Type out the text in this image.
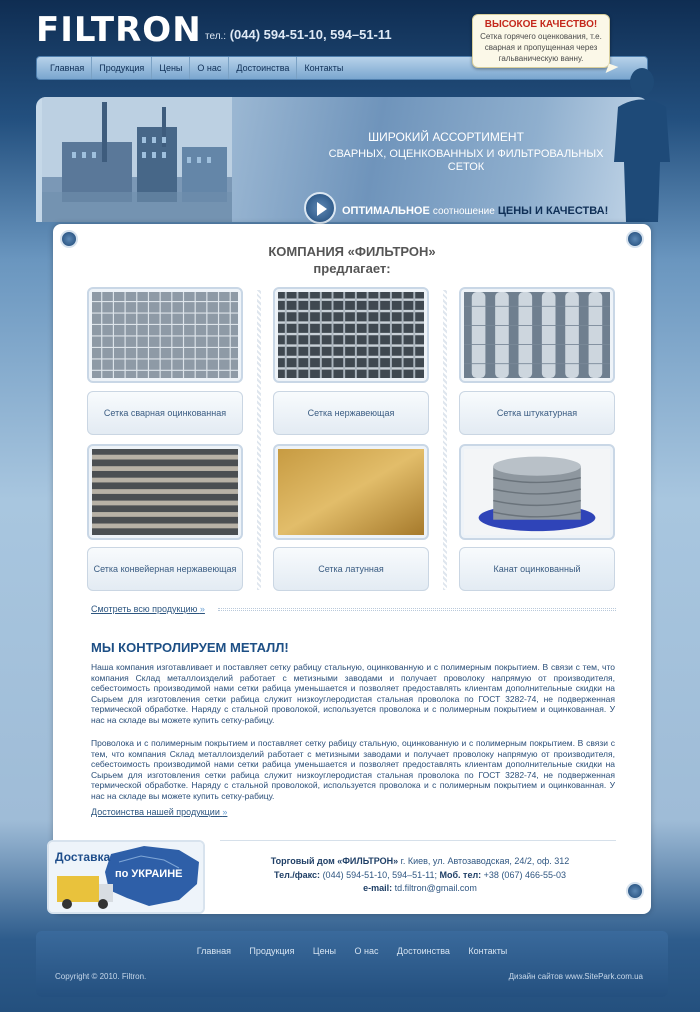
FILTRON тел.: (044) 594-51-10, 594–51-11
Главная	Продукция	Цены	О нас	Достоинства	Контакты
ВЫСОКОЕ КАЧЕСТВО!
Сетка горячего оценкования, т.е. сварная и пропущенная через гальваническую ванну.
ШИРОКИЙ АССОРТИМЕНТ
СВАРНЫХ, ОЦЕНКОВАННЫХ И ФИЛЬТРОВАЛЬНЫХ СЕТОК
ОПТИМАЛЬНОЕ соотношение ЦЕНЫ И КАЧЕСТВА!
КОМПАНИЯ «ФИЛЬТРОН»
предлагает:
Сетка сварная оцинкованная	Сетка нержавеющая	Сетка штукатурная
Сетка конвейерная нержавеющая	Сетка латунная	Канат оцинкованный
Смотреть всю продукцию »
МЫ КОНТРОЛИРУЕМ МЕТАЛЛ!
Наша компания изготавливает и поставляет сетку рабицу стальную, оцинкованную и с полимерным покрытием. В связи с тем, что компания Склад металлоизделий работает с метизными заводами и получает проволоку напрямую от производителя, себестоимость производимой нами сетки рабица уменьшается и позволяет предоставлять клиентам дополнительные скидки на Сырьем для изготовления сетки рабица служит низкоуглеродистая стальная проволока по ГОСТ 3282-74, не подверженная термической обработке. Наряду с стальной проволокой, используется проволока и с полимерным покрытием и оцинкованная. У нас на складе вы можете купить сетку-рабицу.
Проволока и с полимерным покрытием и поставляет сетку рабицу стальную, оцинкованную и с полимерным покрытием. В связи с тем, что компания Склад металлоизделий работает с метизными заводами и получает проволоку напрямую от производителя, себестоимость производимой нами сетки рабица уменьшается и позволяет предоставлять клиентам дополнительные скидки на Сырьем для изготовления сетки рабица служит низкоуглеродистая стальная проволока по ГОСТ 3282-74, не подверженная термической обработке. Наряду с стальной проволокой, используется проволока и с полимерным покрытием и оцинкованная. У нас на складе вы можете купить сетку-рабицу.
Достоинства нашей продукции »
Доставка
по УКРАИНЕ
Торговый дом «ФИЛЬТРОН» г. Киев, ул. Автозаводская, 24/2, оф. 312
Тел./факс: (044) 594-51-10, 594–51-11; Моб. тел: +38 (067) 466-55-03
e-mail: td.filtron@gmail.com
Главная Продукция Цены О нас Достоинства Контакты
Copyright © 2010. Filtron.	Дизайн сайтов www.SitePark.com.ua
